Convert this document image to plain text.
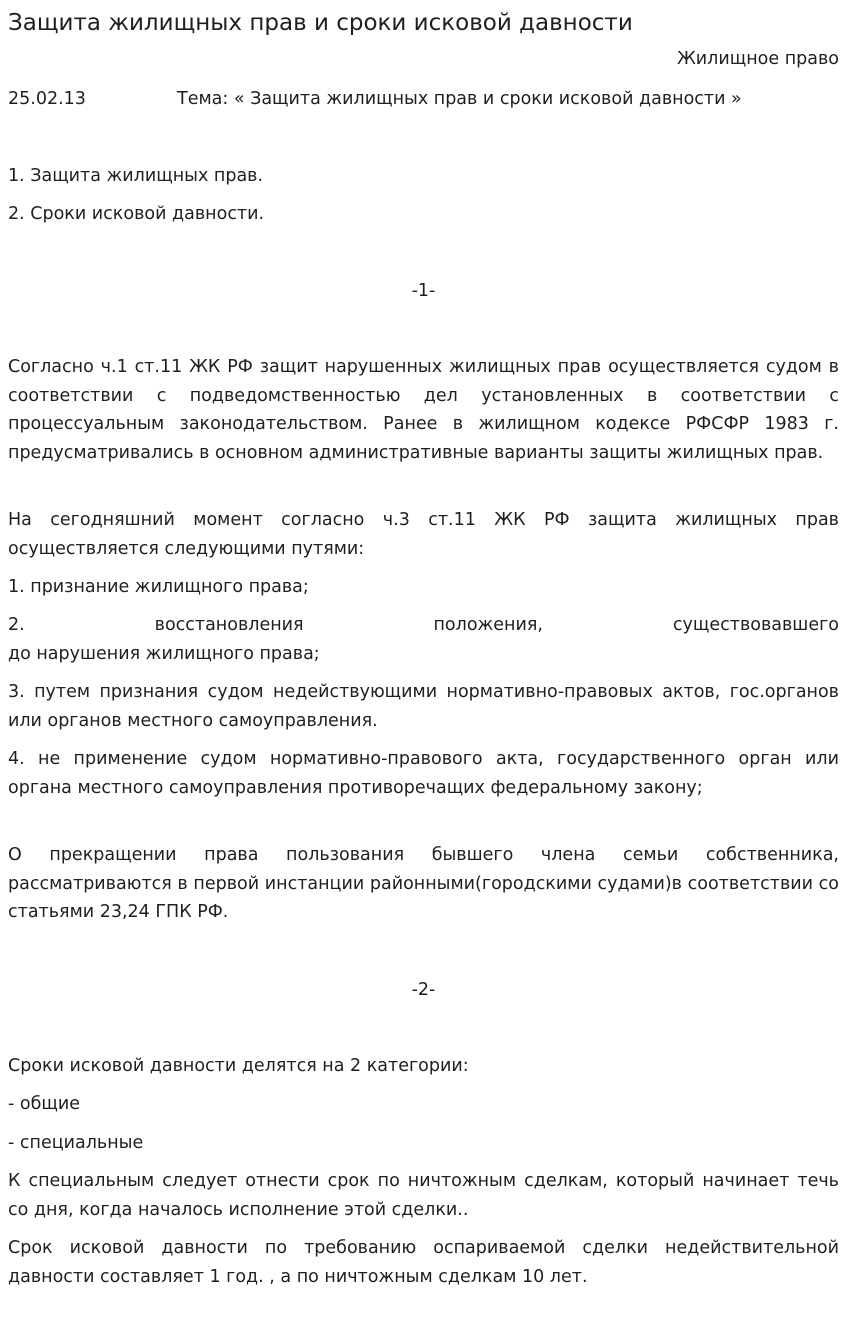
Защита жилищных прав и сроки исковой давности
Жилищное право
25.02.13	Тема: « Защита жилищных прав и сроки исковой давности »
1. Защита жилищных прав.
2. Сроки исковой давности.
-1-

Согласно ч.1 ст.11 ЖК РФ защит нарушенных жилищных прав осуществляется судом в соответствии с подведомственностью дел установленных в соответствии с процессуальным законодательством. Ранее в жилищном кодексе РФСФР 1983 г. предусматривались в основном административные варианты защиты жилищных прав.

На сегодняшний момент согласно ч.3 ст.11 ЖК РФ защита жилищных прав осуществляется следующими путями:

1. признание жилищного права;

2. восстановления положения, существовавшего

до нарушения жилищного права;

3. путем признания судом недействующими нормативно-правовых актов, гос.органов или органов местного самоуправления.

4. не применение судом нормативно-правового акта, государственного орган или органа местного самоуправления противоречащих федеральному закону;

О прекращении права пользования бывшего члена семьи собственника, рассматриваются в первой инстанции районными(городскими судами)в соответствии со статьями 23,24 ГПК РФ.

-2-

Сроки исковой давности делятся на 2 категории:

- общие

- специальные

К специальным следует отнести срок по ничтожным сделкам, который начинает течь со дня, когда началось исполнение этой сделки..

Срок исковой давности по требованию оспариваемой сделки недействительной давности составляет 1 год. , а по ничтожным сделкам 10 лет.
